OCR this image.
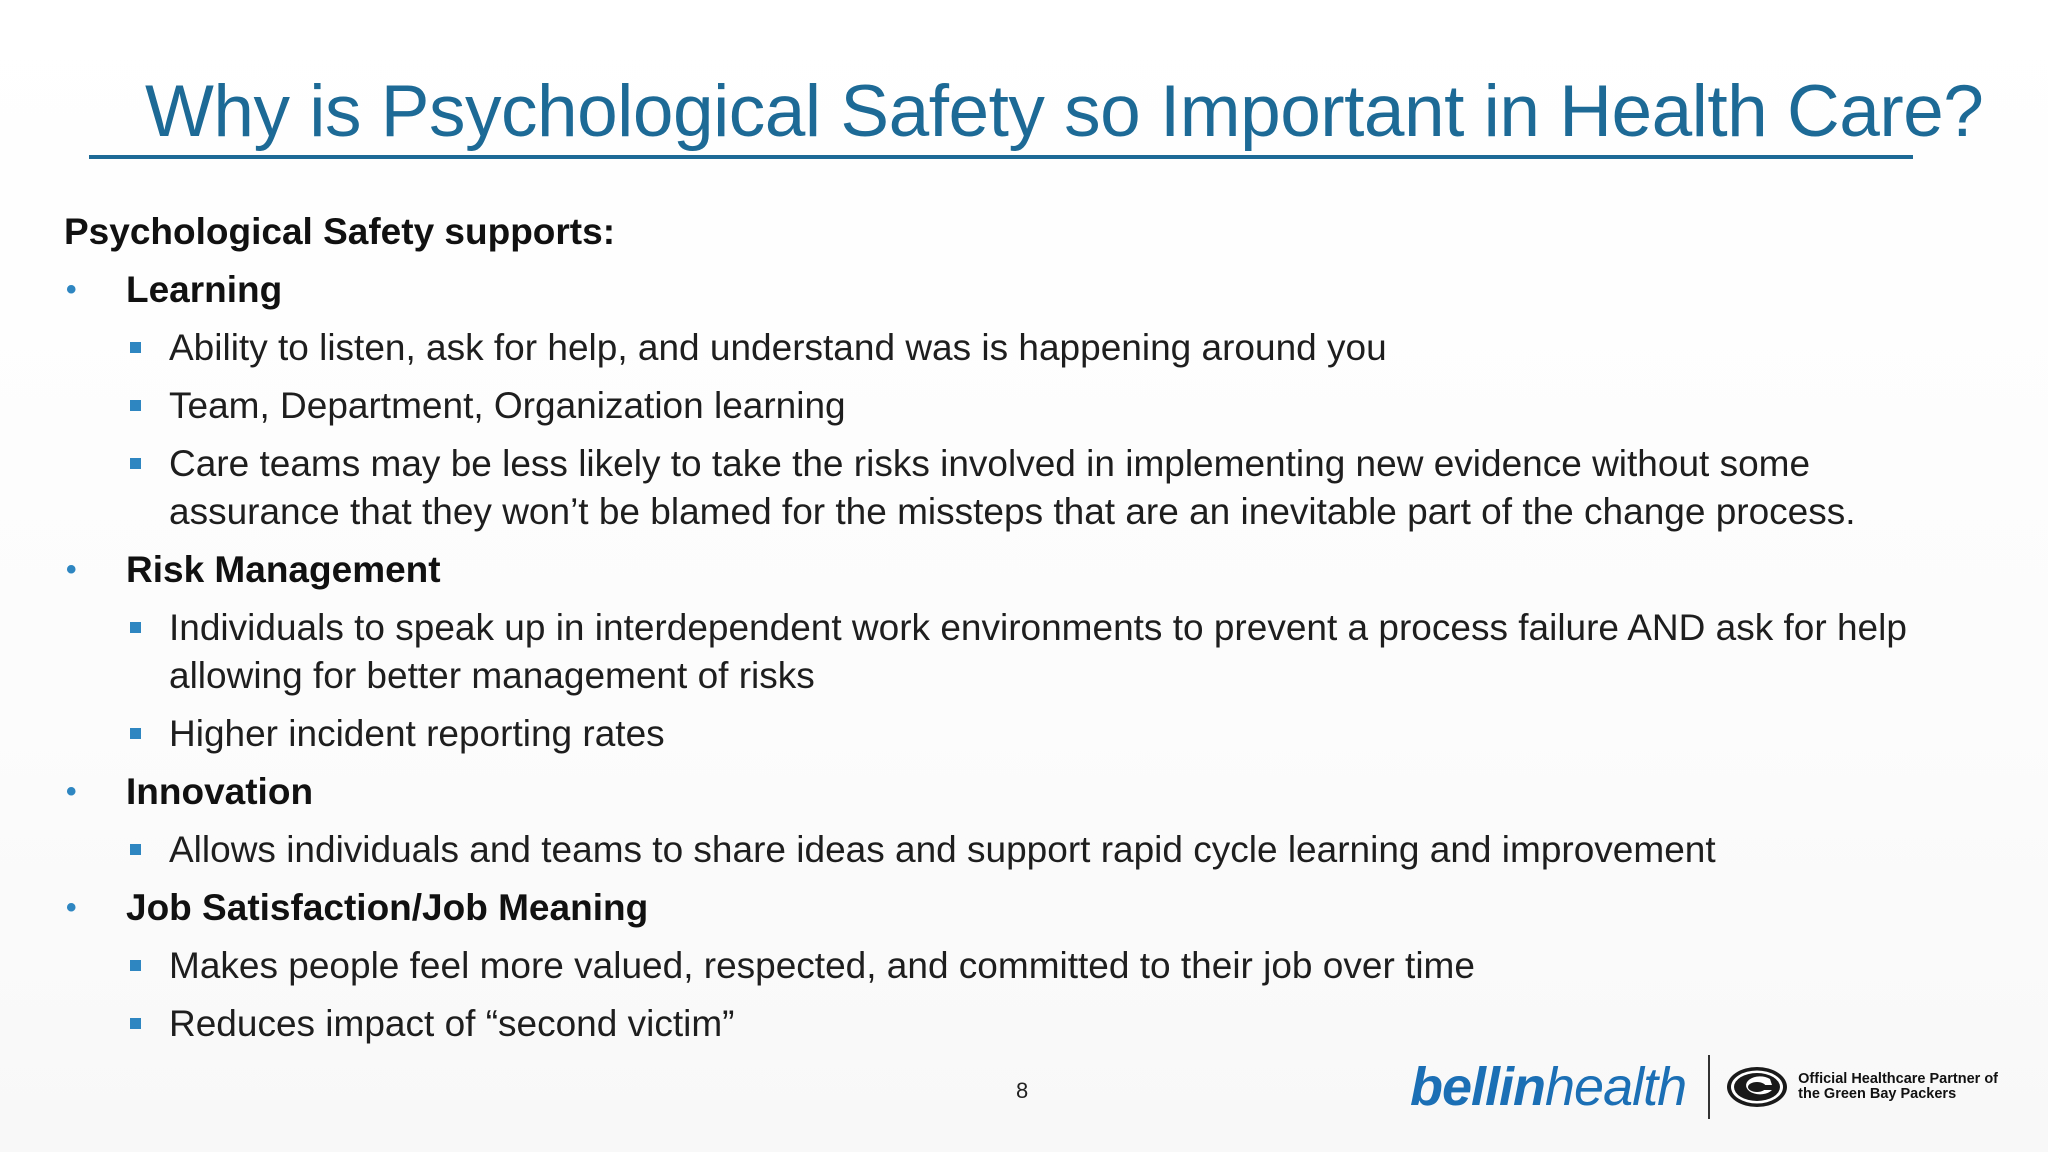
Why is Psychological Safety so Important in Health Care?

Psychological Safety supports:

• Learning

Ability to listen, ask for help, and understand was is happening around you

Team, Department, Organization learning

Care teams may be less likely to take the risks involved in implementing new evidence without some assurance that they won’t be blamed for the missteps that are an inevitable part of the change process.

• Risk Management

Individuals to speak up in interdependent work environments to prevent a process failure AND ask for help allowing for better management of risks

Higher incident reporting rates

• Innovation

Allows individuals and teams to share ideas and support rapid cycle learning and improvement

• Job Satisfaction/Job Meaning

Makes people feel more valued, respected, and committed to their job over time

Reduces impact of “second victim”

8	bellinhealth	Official Healthcare Partner of
the Green Bay Packers
